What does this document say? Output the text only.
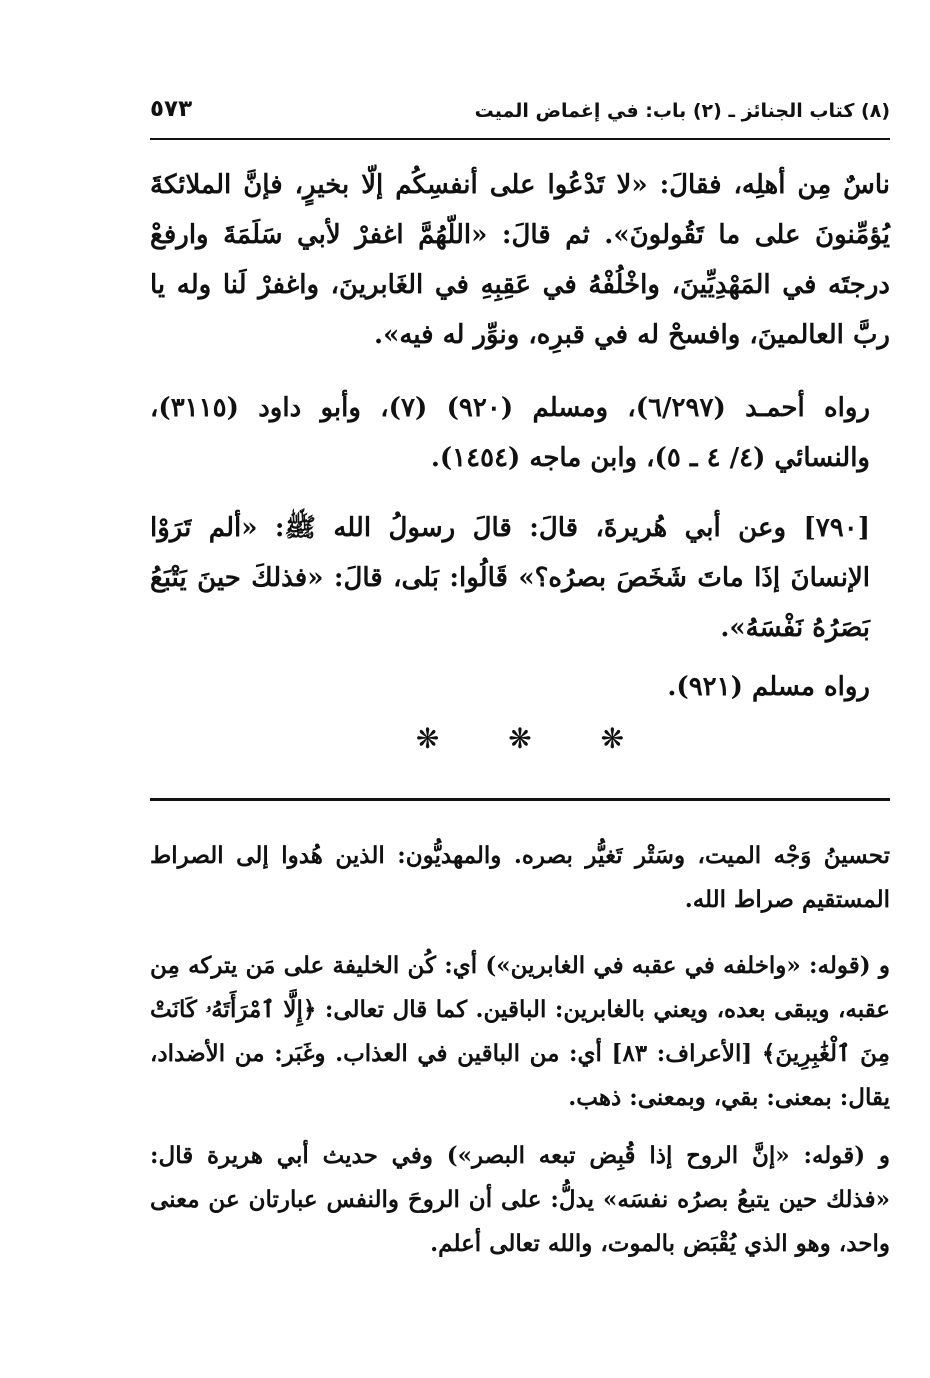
(٨) كتاب الجنائز ـ (٢) باب: في إغماض الميت
٥٧٣

ناسٌ مِن أهلِه، فقالَ: «لا تَدْعُوا على أنفسِكُم إلّا بخيرٍ، فإنَّ الملائكةَ يُؤمِّنونَ على ما تَقُولونَ». ثم قالَ: «اللّهُمَّ اغفرْ لأبي سَلَمَةَ وارفعْ درجتَه في المَهْدِيِّينَ، واخْلُفْهُ في عَقِبِهِ في الغَابرينَ، واغفرْ لَنا وله يا ربَّ العالمينَ، وافسحْ له في قبرِه، ونوِّر له فيه».

رواه أحمـد (٦/٢٩٧)، ومسلم (٩٢٠) (٧)، وأبو داود (٣١١٥)، والنسائي (٤/ ٤ ـ ٥)، وابن ماجه (١٤٥٤).

[٧٩٠] وعن أبي هُريرةَ، قالَ: قالَ رسولُ الله ﷺ: «ألم تَرَوْا الإنسانَ إذَا ماتَ شَخَصَ بصرُه؟» قَالُوا: بَلى، قالَ: «فذلكَ حينَ يَتْبَعُ بَصَرُهُ نَفْسَهُ».

رواه مسلم (٩٢١).

❋ ❋ ❋

تحسينُ وَجْه الميت، وسَتْر تَغيُّر بصره. والمهديُّون: الذين هُدوا إلى الصراط المستقيم صراط الله.

و (قوله: «واخلفه في عقبه في الغابرين») أي: كُن الخليفة على مَن يتركه مِن عقبه، ويبقى بعده، ويعني بالغابرين: الباقين. كما قال تعالى: ﴿إِلَّا ٱمْرَأَتَهُۥ كَانَتْ مِنَ ٱلْغَٰبِرِينَ﴾ [الأعراف: ٨٣] أي: من الباقين في العذاب. وغَبَر: من الأضداد، يقال: بمعنى: بقي، وبمعنى: ذهب.

و (قوله: «إنَّ الروح إذا قُبِض تبعه البصر») وفي حديث أبي هريرة قال: «فذلك حين يتبعُ بصرُه نفسَه» يدلُّ: على أن الروحَ والنفس عبارتان عن معنى واحد، وهو الذي يُقْبَض بالموت، والله تعالى أعلم.
